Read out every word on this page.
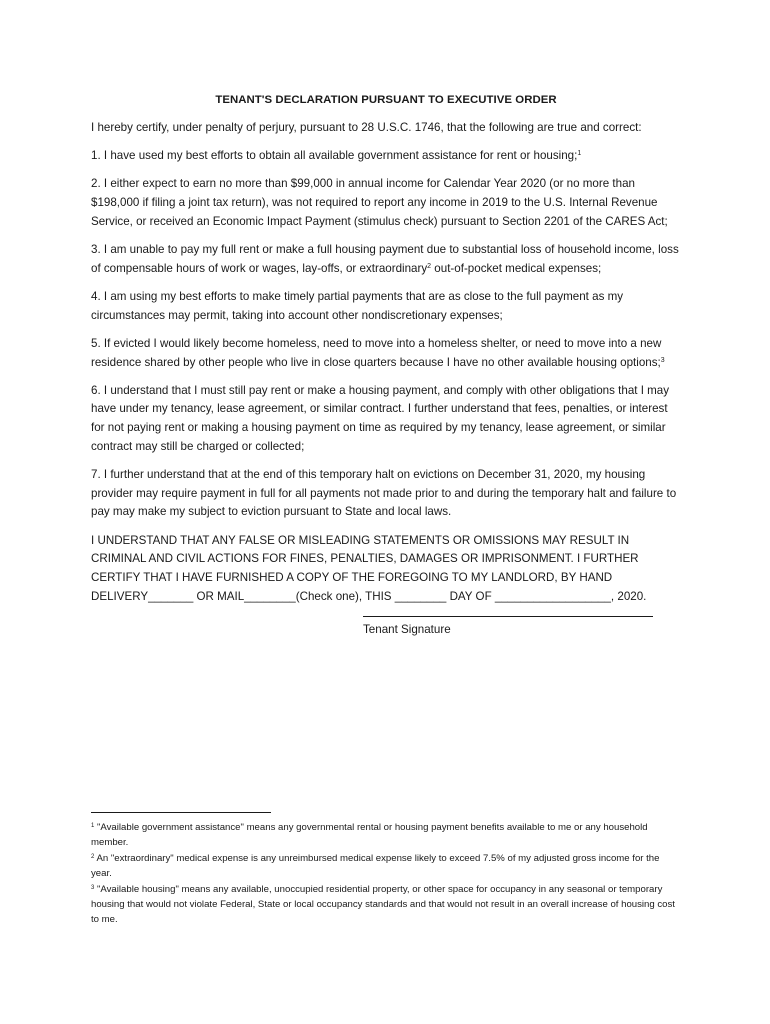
TENANT'S DECLARATION PURSUANT TO EXECUTIVE ORDER

I hereby certify, under penalty of perjury, pursuant to 28 U.S.C. 1746, that the following are true and correct:

1. I have used my best efforts to obtain all available government assistance for rent or housing;$^1$

2. I either expect to earn no more than $99,000 in annual income for Calendar Year 2020 (or no more than $198,000 if filing a joint tax return), was not required to report any income in 2019 to the U.S. Internal Revenue Service, or received an Economic Impact Payment (stimulus check) pursuant to Section 2201 of the CARES Act;

3. I am unable to pay my full rent or make a full housing payment due to substantial loss of household income, loss of compensable hours of work or wages, lay-offs, or extraordinary$^2$ out-of-pocket medical expenses;

4. I am using my best efforts to make timely partial payments that are as close to the full payment as my circumstances may permit, taking into account other nondiscretionary expenses;

5. If evicted I would likely become homeless, need to move into a homeless shelter, or need to move into a new residence shared by other people who live in close quarters because I have no other available housing options;$^3$

6. I understand that I must still pay rent or make a housing payment, and comply with other obligations that I may have under my tenancy, lease agreement, or similar contract. I further understand that fees, penalties, or interest for not paying rent or making a housing payment on time as required by my tenancy, lease agreement, or similar contract may still be charged or collected;

7. I further understand that at the end of this temporary halt on evictions on December 31, 2020, my housing provider may require payment in full for all payments not made prior to and during the temporary halt and failure to pay may make my subject to eviction pursuant to State and local laws.

I UNDERSTAND THAT ANY FALSE OR MISLEADING STATEMENTS OR OMISSIONS MAY RESULT IN CRIMINAL AND CIVIL ACTIONS FOR FINES, PENALTIES, DAMAGES OR IMPRISONMENT. I FURTHER CERTIFY THAT I HAVE FURNISHED A COPY OF THE FOREGOING TO MY LANDLORD, BY HAND DELIVERY_______ OR MAIL________(Check one), THIS ________ DAY OF __________________, 2020.

Tenant Signature

$^1$ "Available government assistance" means any governmental rental or housing payment benefits available to me or any household member.

$^2$ An "extraordinary" medical expense is any unreimbursed medical expense likely to exceed 7.5% of my adjusted gross income for the year.

$^3$ "Available housing" means any available, unoccupied residential property, or other space for occupancy in any seasonal or temporary housing that would not violate Federal, State or local occupancy standards and that would not result in an overall increase of housing cost to me.
